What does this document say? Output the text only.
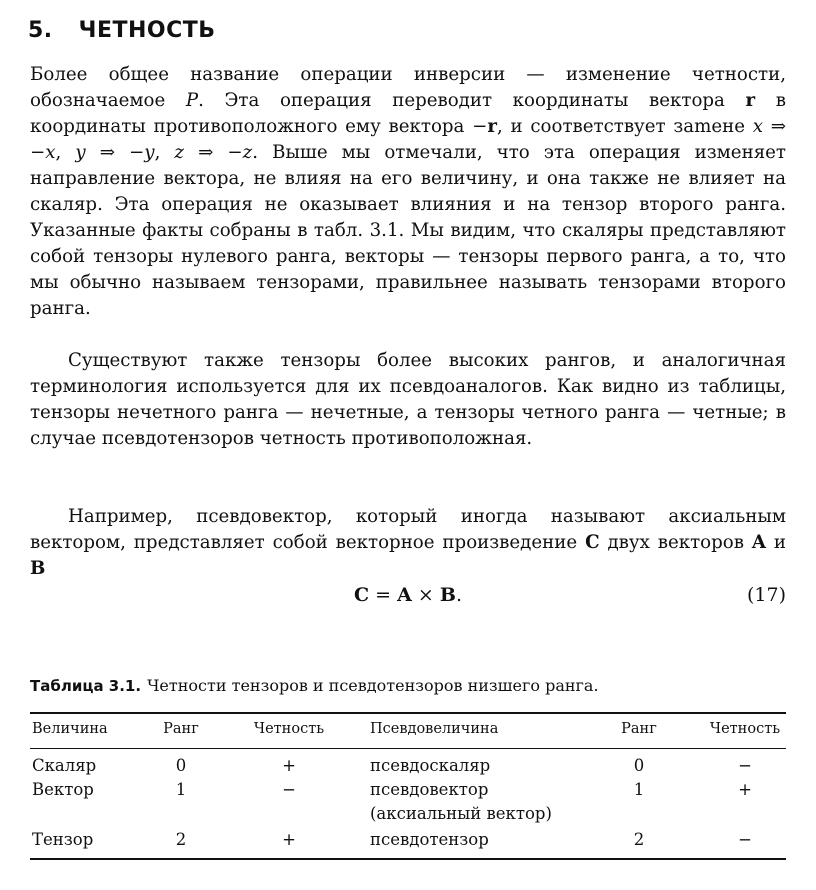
5. ЧЕТНОСТЬ
Более общее название операции инверсии — изменение четности, обозначаемое P. Эта операция переводит координаты вектора r в координаты противоположного ему вектора −r, и соответствует заmене x ⇒ −x, y ⇒ −y, z ⇒ −z. Выше мы отмечали, что эта операция изменяет направление вектора, не влияя на его величину, и она также не влияет на скаляр. Эта операция не оказывает влияния и на тензор второго ранга. Указанные факты собраны в табл. 3.1. Мы видим, что скаляры представляют собой тензоры нулевого ранга, векторы — тензоры первого ранга, а то, что мы обычно называем тензорами, правильнее называть тензорами второго ранга.
Существуют также тензоры более высоких рангов, и аналогичная терминология используется для их псевдоаналогов. Как видно из таблицы, тензоры нечетного ранга — нечетные, а тензоры четного ранга — четные; в случае псевдотензоров четность противоположная.
Например, псевдовектор, который иногда называют аксиальным вектором, представляет собой векторное произведение C двух векторов A и B
C = A × B.	(17)
Таблица 3.1. Четности тензоров и псевдотензоров низшего ранга.
Величина	Ранг	Четность	Псевдовеличина	Ранг	Четность
Скаляр	0	+	псевдоскаляр	0	−
Вектор	1	−	псевдовектор	1	+
(аксиальный вектор)
Тензор	2	+	псевдотензор	2	−
